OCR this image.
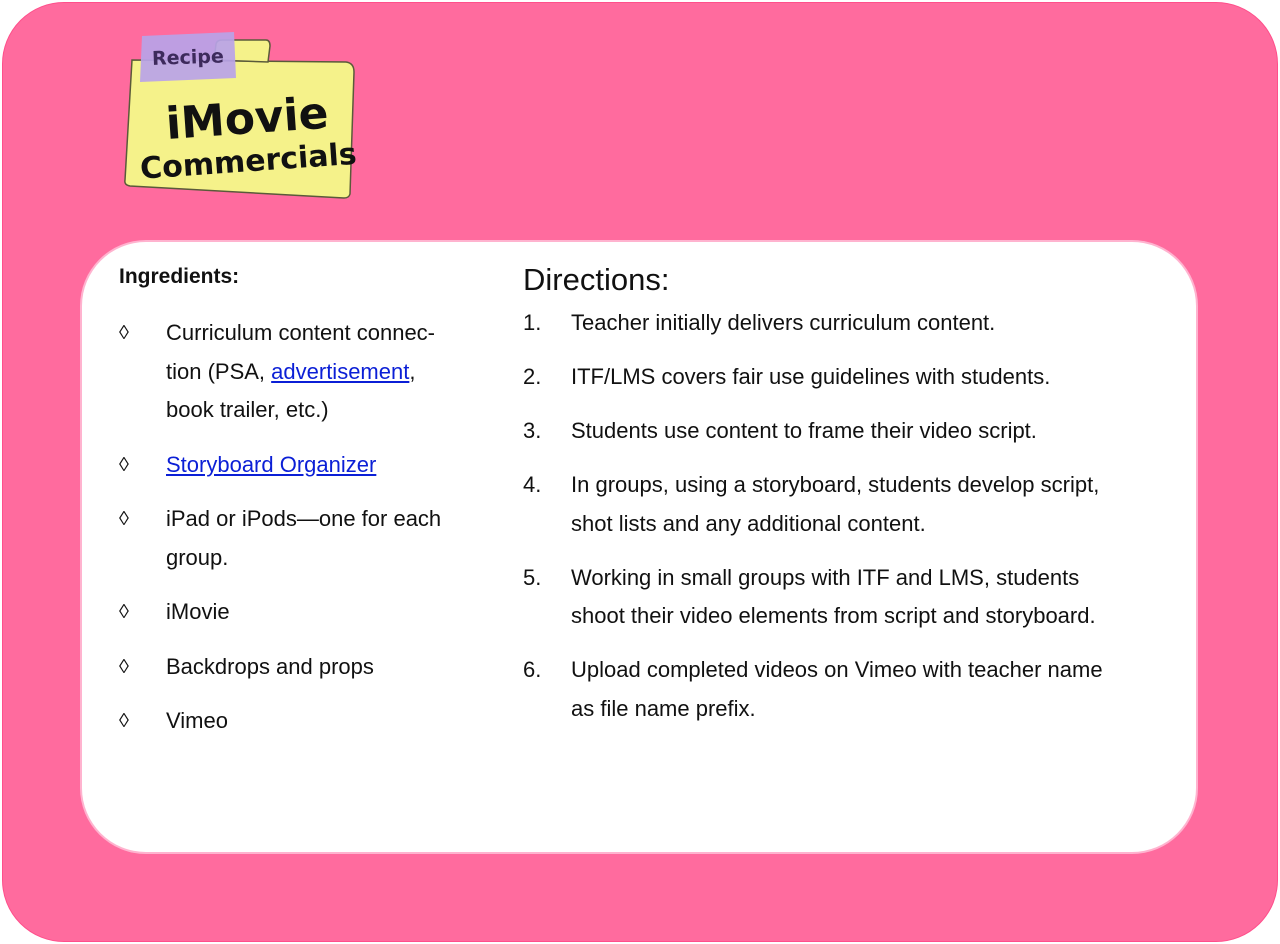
Recipe
iMovie
Commercials
Ingredients:
◊	Curriculum content connec-
tion (PSA, advertisement,
book trailer, etc.)
◊	Storyboard Organizer
◊	iPad or iPods—one for each
group.
◊	iMovie
◊	Backdrops and props
◊	Vimeo
Directions:
1. Teacher initially delivers curriculum content.
2. ITF/LMS covers fair use guidelines with students.
3. Students use content to frame their video script.
4. In groups, using a storyboard, students develop script,
shot lists and any additional content.
5. Working in small groups with ITF and LMS, students
shoot their video elements from script and storyboard.
6. Upload completed videos on Vimeo with teacher name
as file name prefix.
